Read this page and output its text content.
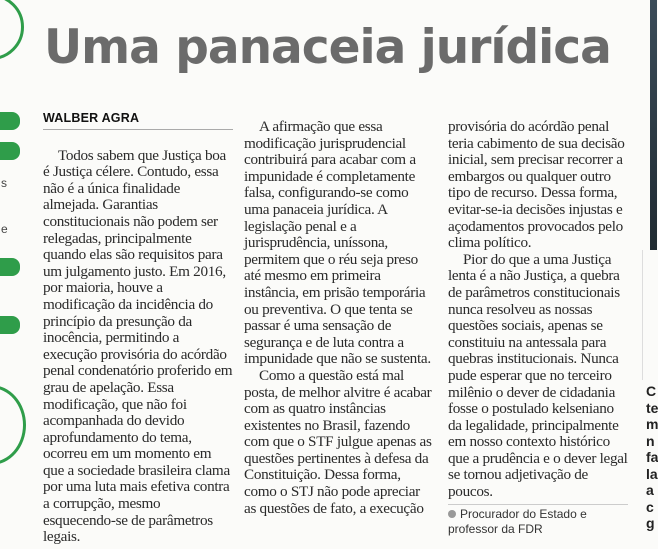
s
e
Uma panaceia jurídica
WALBER AGRA

Todos sabem que Justiça boa é Justiça célere. Contudo, essa não é a única finalidade almejada. Garantias constitucionais não podem ser relegadas, principalmente quando elas são requisitos para um julgamento justo. Em 2016, por maioria, houve a modificação da incidência do princípio da presunção da inocência, permitindo a execução provisória do acórdão penal condenatório proferido em grau de apelação. Essa modificação, que não foi acompanhada do devido aprofundamento do tema, ocorreu em um momento em que a sociedade brasileira clama por uma luta mais efetiva contra a corrupção, mesmo esquecendo-se de parâmetros legais.

A afirmação que essa modificação jurisprudencial contribuirá para acabar com a impunidade é completamente falsa, configurando-se como uma panaceia jurídica. A legislação penal e a jurisprudência, uníssona, permitem que o réu seja preso até mesmo em primeira instância, em prisão temporária ou preventiva. O que tenta se passar é uma sensação de segurança e de luta contra a impunidade que não se sustenta.

Como a questão está mal posta, de melhor alvitre é acabar com as quatro instâncias existentes no Brasil, fazendo com que o STF julgue apenas as questões pertinentes à defesa da Constituição. Dessa forma, como o STJ não pode apreciar as questões de fato, a execução

provisória do acórdão penal teria cabimento de sua decisão inicial, sem precisar recorrer a embargos ou qualquer outro tipo de recurso. Dessa forma, evitar-se-ia decisões injustas e açodamentos provocados pelo clima político.

Pior do que a uma Justiça lenta é a não Justiça, a quebra de parâmetros constitucionais nunca resolveu as nossas questões sociais, apenas se constituiu na antessala para quebras institucionais. Nunca pude esperar que no terceiro milênio o dever de cidadania fosse o postulado kelseniano da legalidade, principalmente em nosso contexto histórico que a prudência e o dever legal se tornou adjetivação de poucos.

Procurador do Estado e professor da FDR
C
te
m
n
fa
la
a
c
g
